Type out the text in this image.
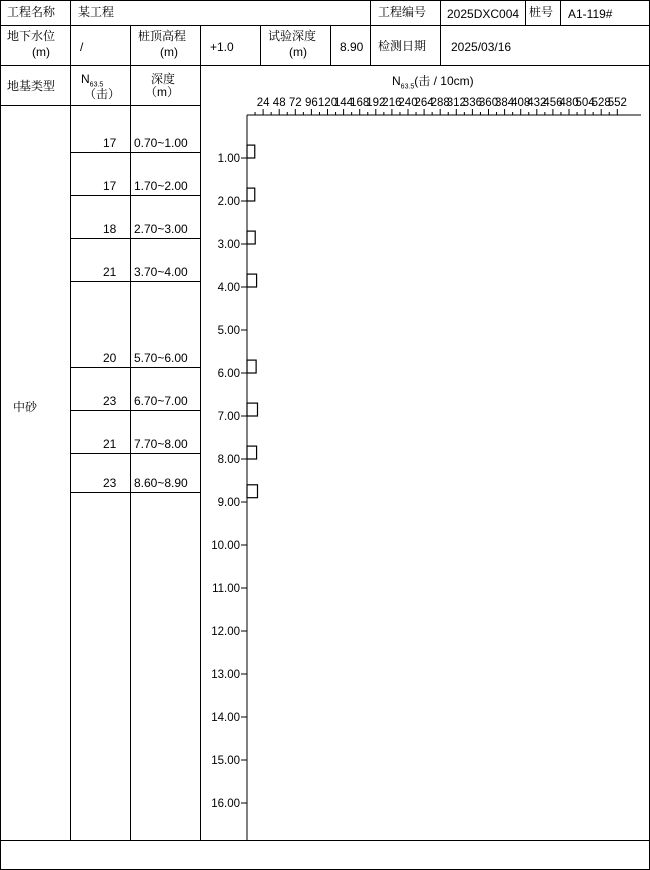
工程名称 某工程	工程编号 2025DXC004 桩号 A1-119#
地下水位
(m)	/
桩顶高程
(m)	+1.0
试验深度
(m)	8.90 检测日期 2025/03/16
地基类型 $N_{63.5}$
（击）
深度
（m）
$N_{63.5}$(击 / 10cm)
中砂
17 0.70~1.00
17 1.70~2.00
18 2.70~3.00
21 3.70~4.00
20 5.70~6.00
23 6.70~7.00
21 7.70~8.00
23 8.60~8.90
24 48 72 96 120
144
168
192
216
240
264
288
312
336
360
384
408
432
456
480
504
528
552
1.00
2.00
3.00
4.00
5.00
6.00
7.00
8.00
9.00
10.00
11.00
12.00
13.00
14.00
15.00
16.00
